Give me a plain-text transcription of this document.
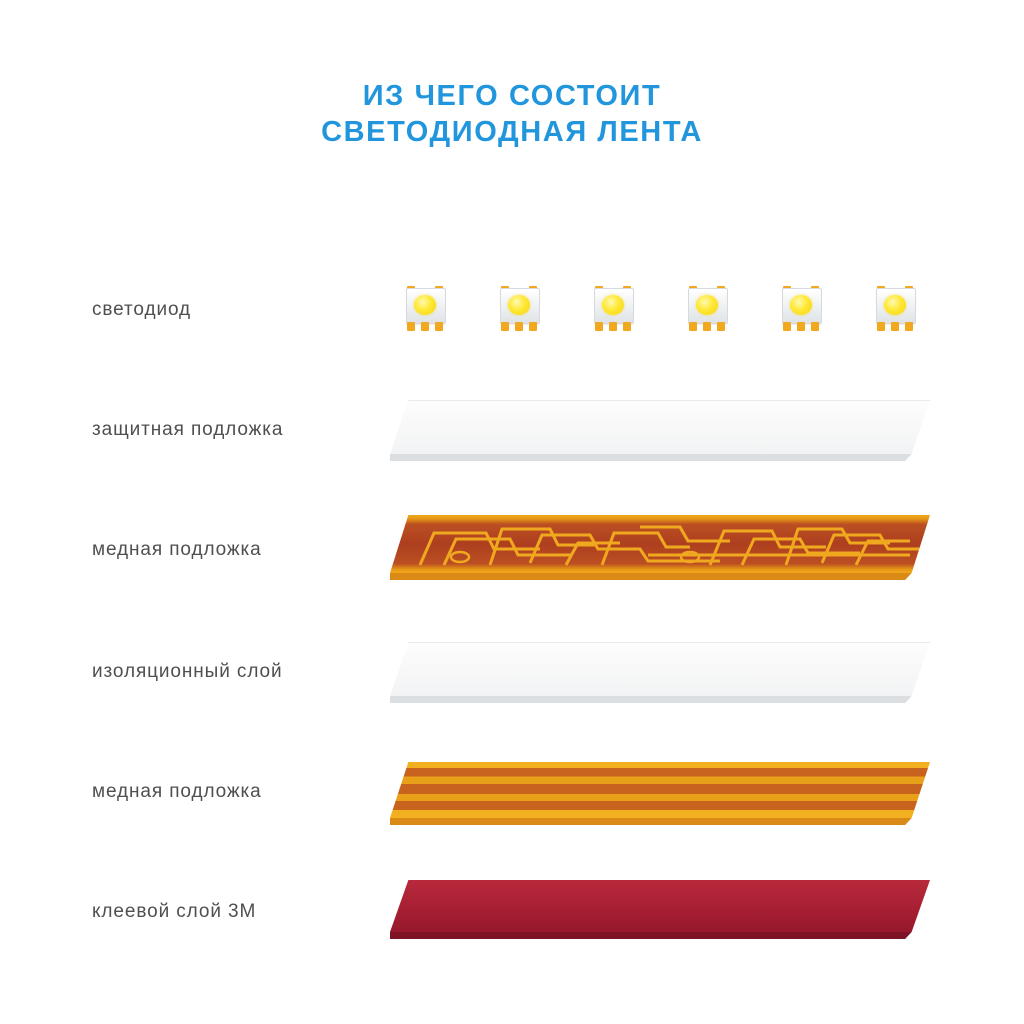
ИЗ ЧЕГО СОСТОИТ
СВЕТОДИОДНАЯ ЛЕНТА
светодиод
защитная подложка
медная подложка
изоляционный слой
медная подложка
клеевой слой 3M
